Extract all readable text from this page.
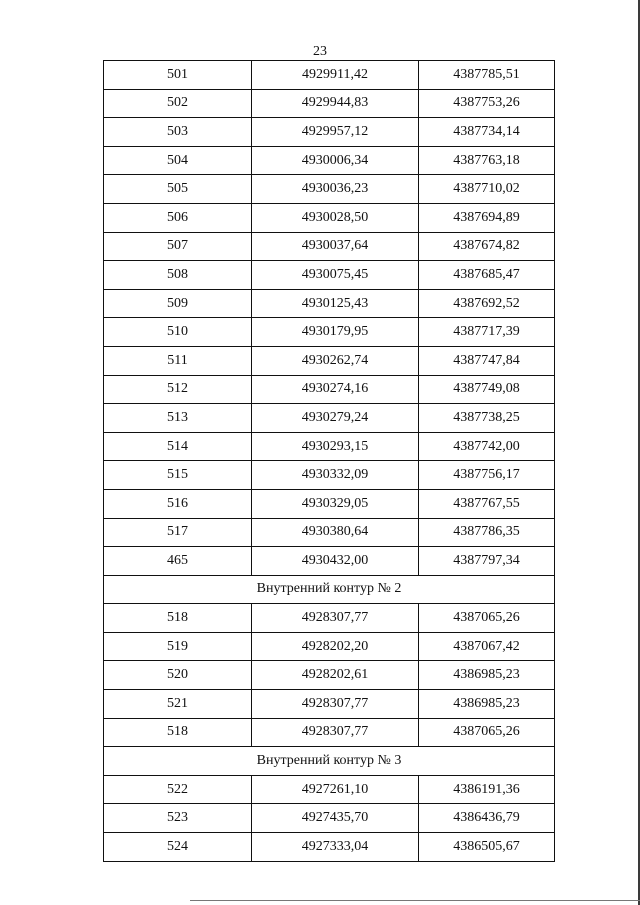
23
501	4929911,42	4387785,51
502	4929944,83	4387753,26
503	4929957,12	4387734,14
504	4930006,34	4387763,18
505	4930036,23	4387710,02
506	4930028,50	4387694,89
507	4930037,64	4387674,82
508	4930075,45	4387685,47
509	4930125,43	4387692,52
510	4930179,95	4387717,39
511	4930262,74	4387747,84
512	4930274,16	4387749,08
513	4930279,24	4387738,25
514	4930293,15	4387742,00
515	4930332,09	4387756,17
516	4930329,05	4387767,55
517	4930380,64	4387786,35
465	4930432,00	4387797,34
Внутренний контур № 2		
518	4928307,77	4387065,26
519	4928202,20	4387067,42
520	4928202,61	4386985,23
521	4928307,77	4386985,23
518	4928307,77	4387065,26
Внутренний контур № 3		
522	4927261,10	4386191,36
523	4927435,70	4386436,79
524	4927333,04	4386505,67
